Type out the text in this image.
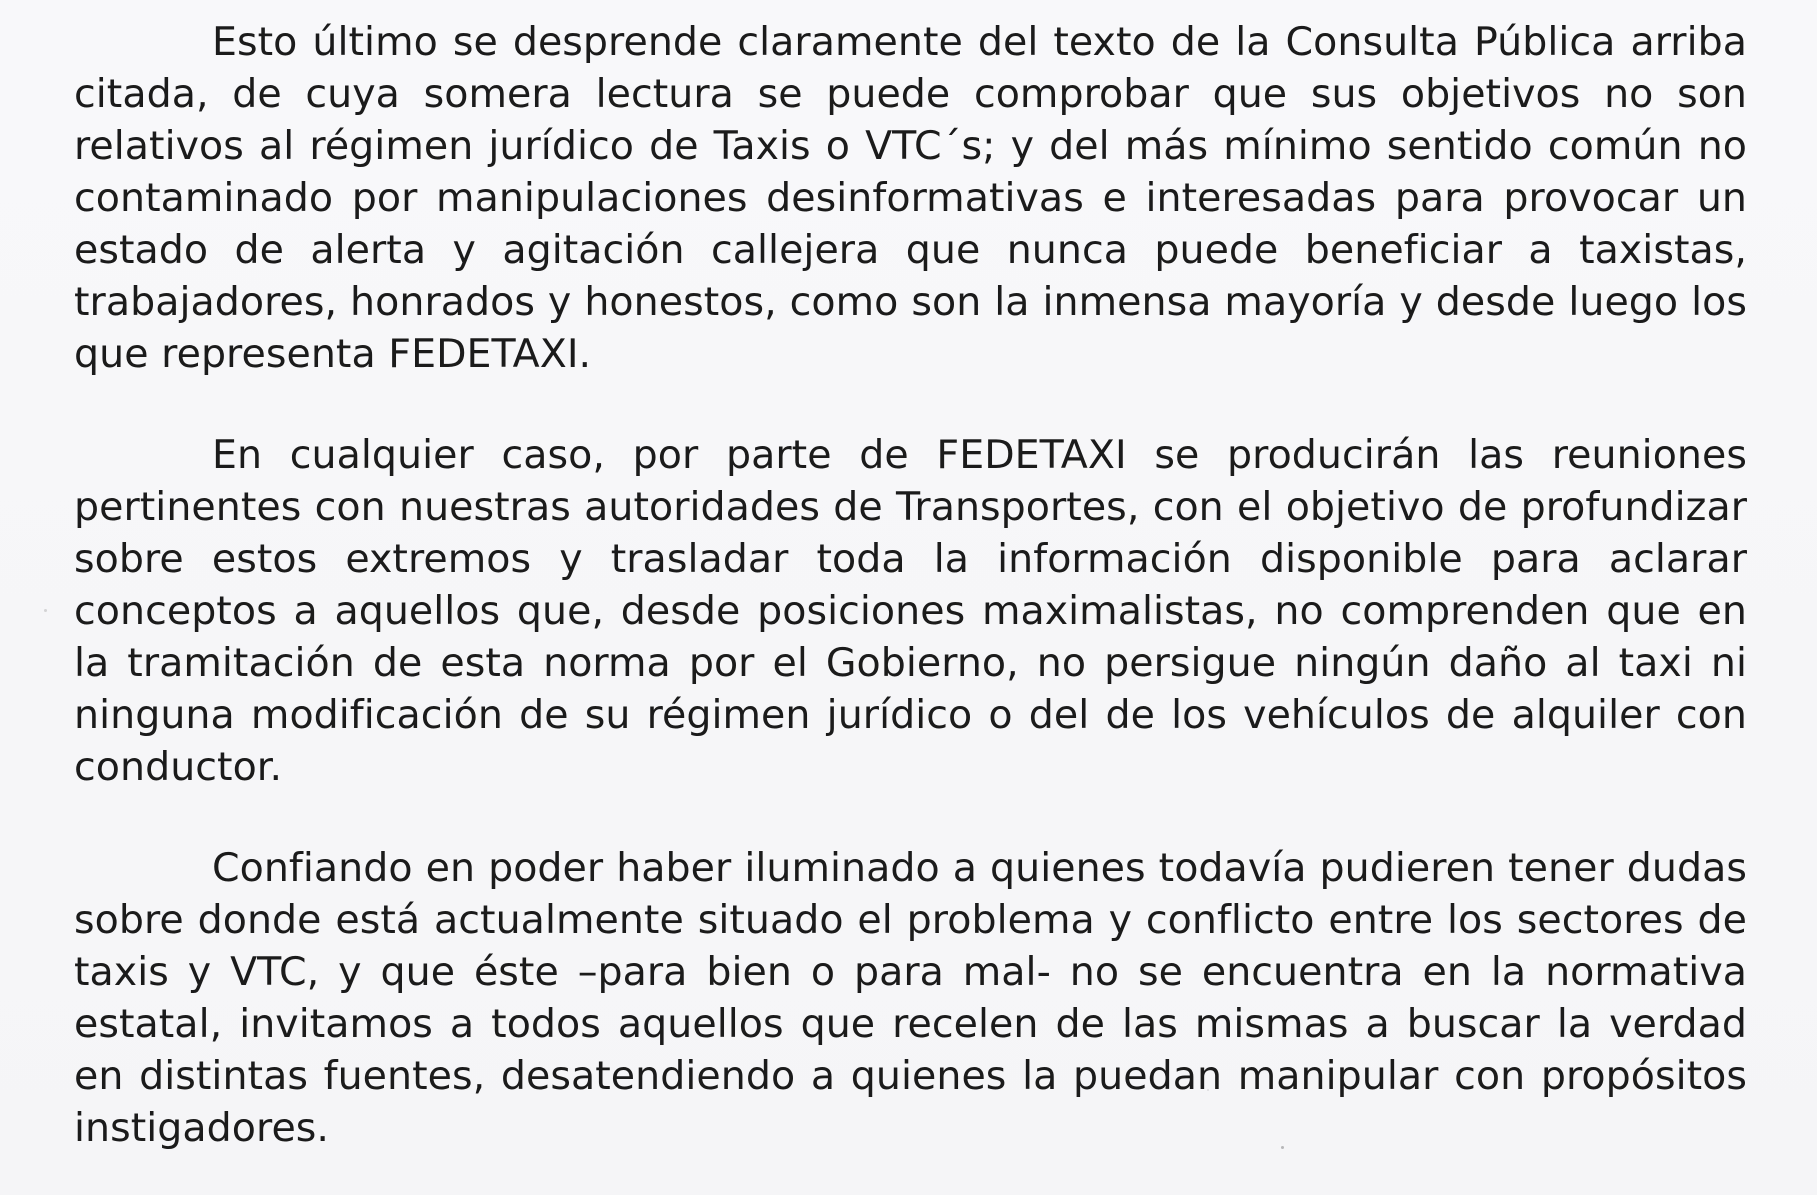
Esto último se desprende claramente del texto de la Consulta Pública arriba citada, de cuya somera lectura se puede comprobar que sus objetivos no son relativos al régimen jurídico de Taxis o VTC´s; y del más mínimo sentido común no contaminado por manipulaciones desinformativas e interesadas para provocar un estado de alerta y agitación callejera que nunca puede beneficiar a taxistas, trabajadores, honrados y honestos, como son la inmensa mayoría y desde luego los que representa FEDETAXI.

En cualquier caso, por parte de FEDETAXI se producirán las reuniones pertinentes con nuestras autoridades de Transportes, con el objetivo de profundizar sobre estos extremos y trasladar toda la información disponible para aclarar conceptos a aquellos que, desde posiciones maximalistas, no comprenden que en la tramitación de esta norma por el Gobierno, no persigue ningún daño al taxi ni ninguna modificación de su régimen jurídico o del de los vehículos de alquiler con conductor.

Confiando en poder haber iluminado a quienes todavía pudieren tener dudas sobre donde está actualmente situado el problema y conflicto entre los sectores de taxis y VTC, y que éste –para bien o para mal- no se encuentra en la normativa estatal, invitamos a todos aquellos que recelen de las mismas a buscar la verdad en distintas fuentes, desatendiendo a quienes la puedan manipular con propósitos instigadores.
